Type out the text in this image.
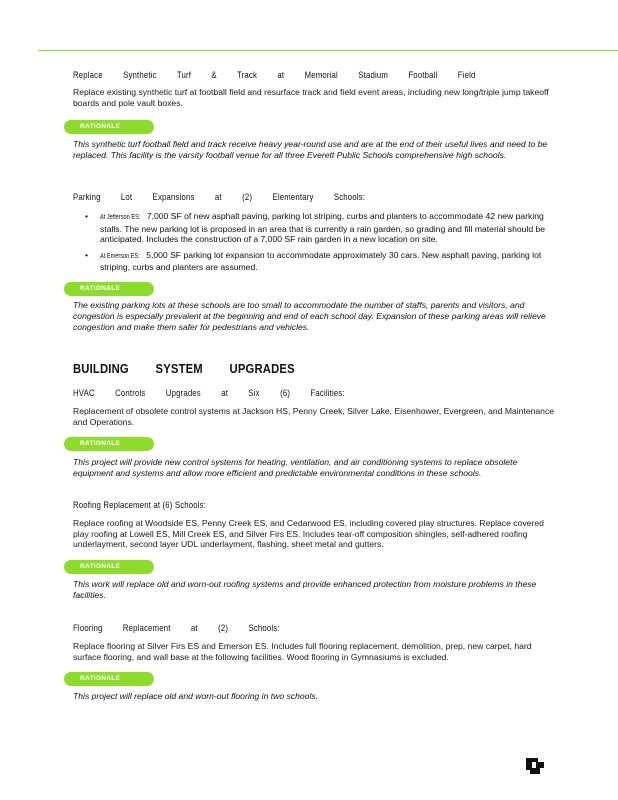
Replace Synthetic Turf & Track at Memorial Stadium Football Field
Replace existing synthetic turf at football field and resurface track and field event areas, including new long/triple jump takeoff boards and pole vault boxes.
RATIONALE
This synthetic turf football field and track receive heavy year-round use and are at the end of their useful lives and need to be replaced. This facility is the varsity football venue for all three Everett Public Schools comprehensive high schools.
Parking Lot Expansions at (2) Elementary Schools:
• At Jefferson ES: 7,000 SF of new asphalt paving, parking lot striping, curbs and planters to accommodate 42 new parking stalls. The new parking lot is proposed in an area that is currently a rain garden, so grading and fill material should be anticipated. Includes the construction of a 7,000 SF rain garden in a new location on site.
• At Emerson ES: 5,000 SF parking lot expansion to accommodate approximately 30 cars. New asphalt paving, parking lot striping, curbs and planters are assumed.
RATIONALE
The existing parking lots at these schools are too small to accommodate the number of staffs, parents and visitors, and congestion is especially prevalent at the beginning and end of each school day. Expansion of these parking areas will relieve congestion and make them safer for pedestrians and vehicles.
BUILDING SYSTEM UPGRADES
HVAC Controls Upgrades at Six (6) Facilities:
Replacement of obsolete control systems at Jackson HS, Penny Creek, Silver Lake, Eisenhower, Evergreen, and Maintenance and Operations.
RATIONALE
This project will provide new control systems for heating, ventilation, and air conditioning systems to replace obsolete equipment and systems and allow more efficient and predictable environmental conditions in these schools.
Roofing Replacement at (6) Schools:
Replace roofing at Woodside ES, Penny Creek ES, and Cedarwood ES, including covered play structures. Replace covered play roofing at Lowell ES, Mill Creek ES, and Silver Firs ES. Includes tear-off composition shingles, self-adhered roofing underlayment, second layer UDL underlayment, flashing, sheet metal and gutters.
RATIONALE
This work will replace old and worn-out roofing systems and provide enhanced protection from moisture problems in these facilities.
Flooring Replacement at (2) Schools:
Replace flooring at Silver Firs ES and Emerson ES. Includes full flooring replacement, demolition, prep, new carpet, hard surface flooring, and wall base at the following facilities. Wood flooring in Gymnasiums is excluded.
RATIONALE
This project will replace old and worn-out flooring in two schools.
